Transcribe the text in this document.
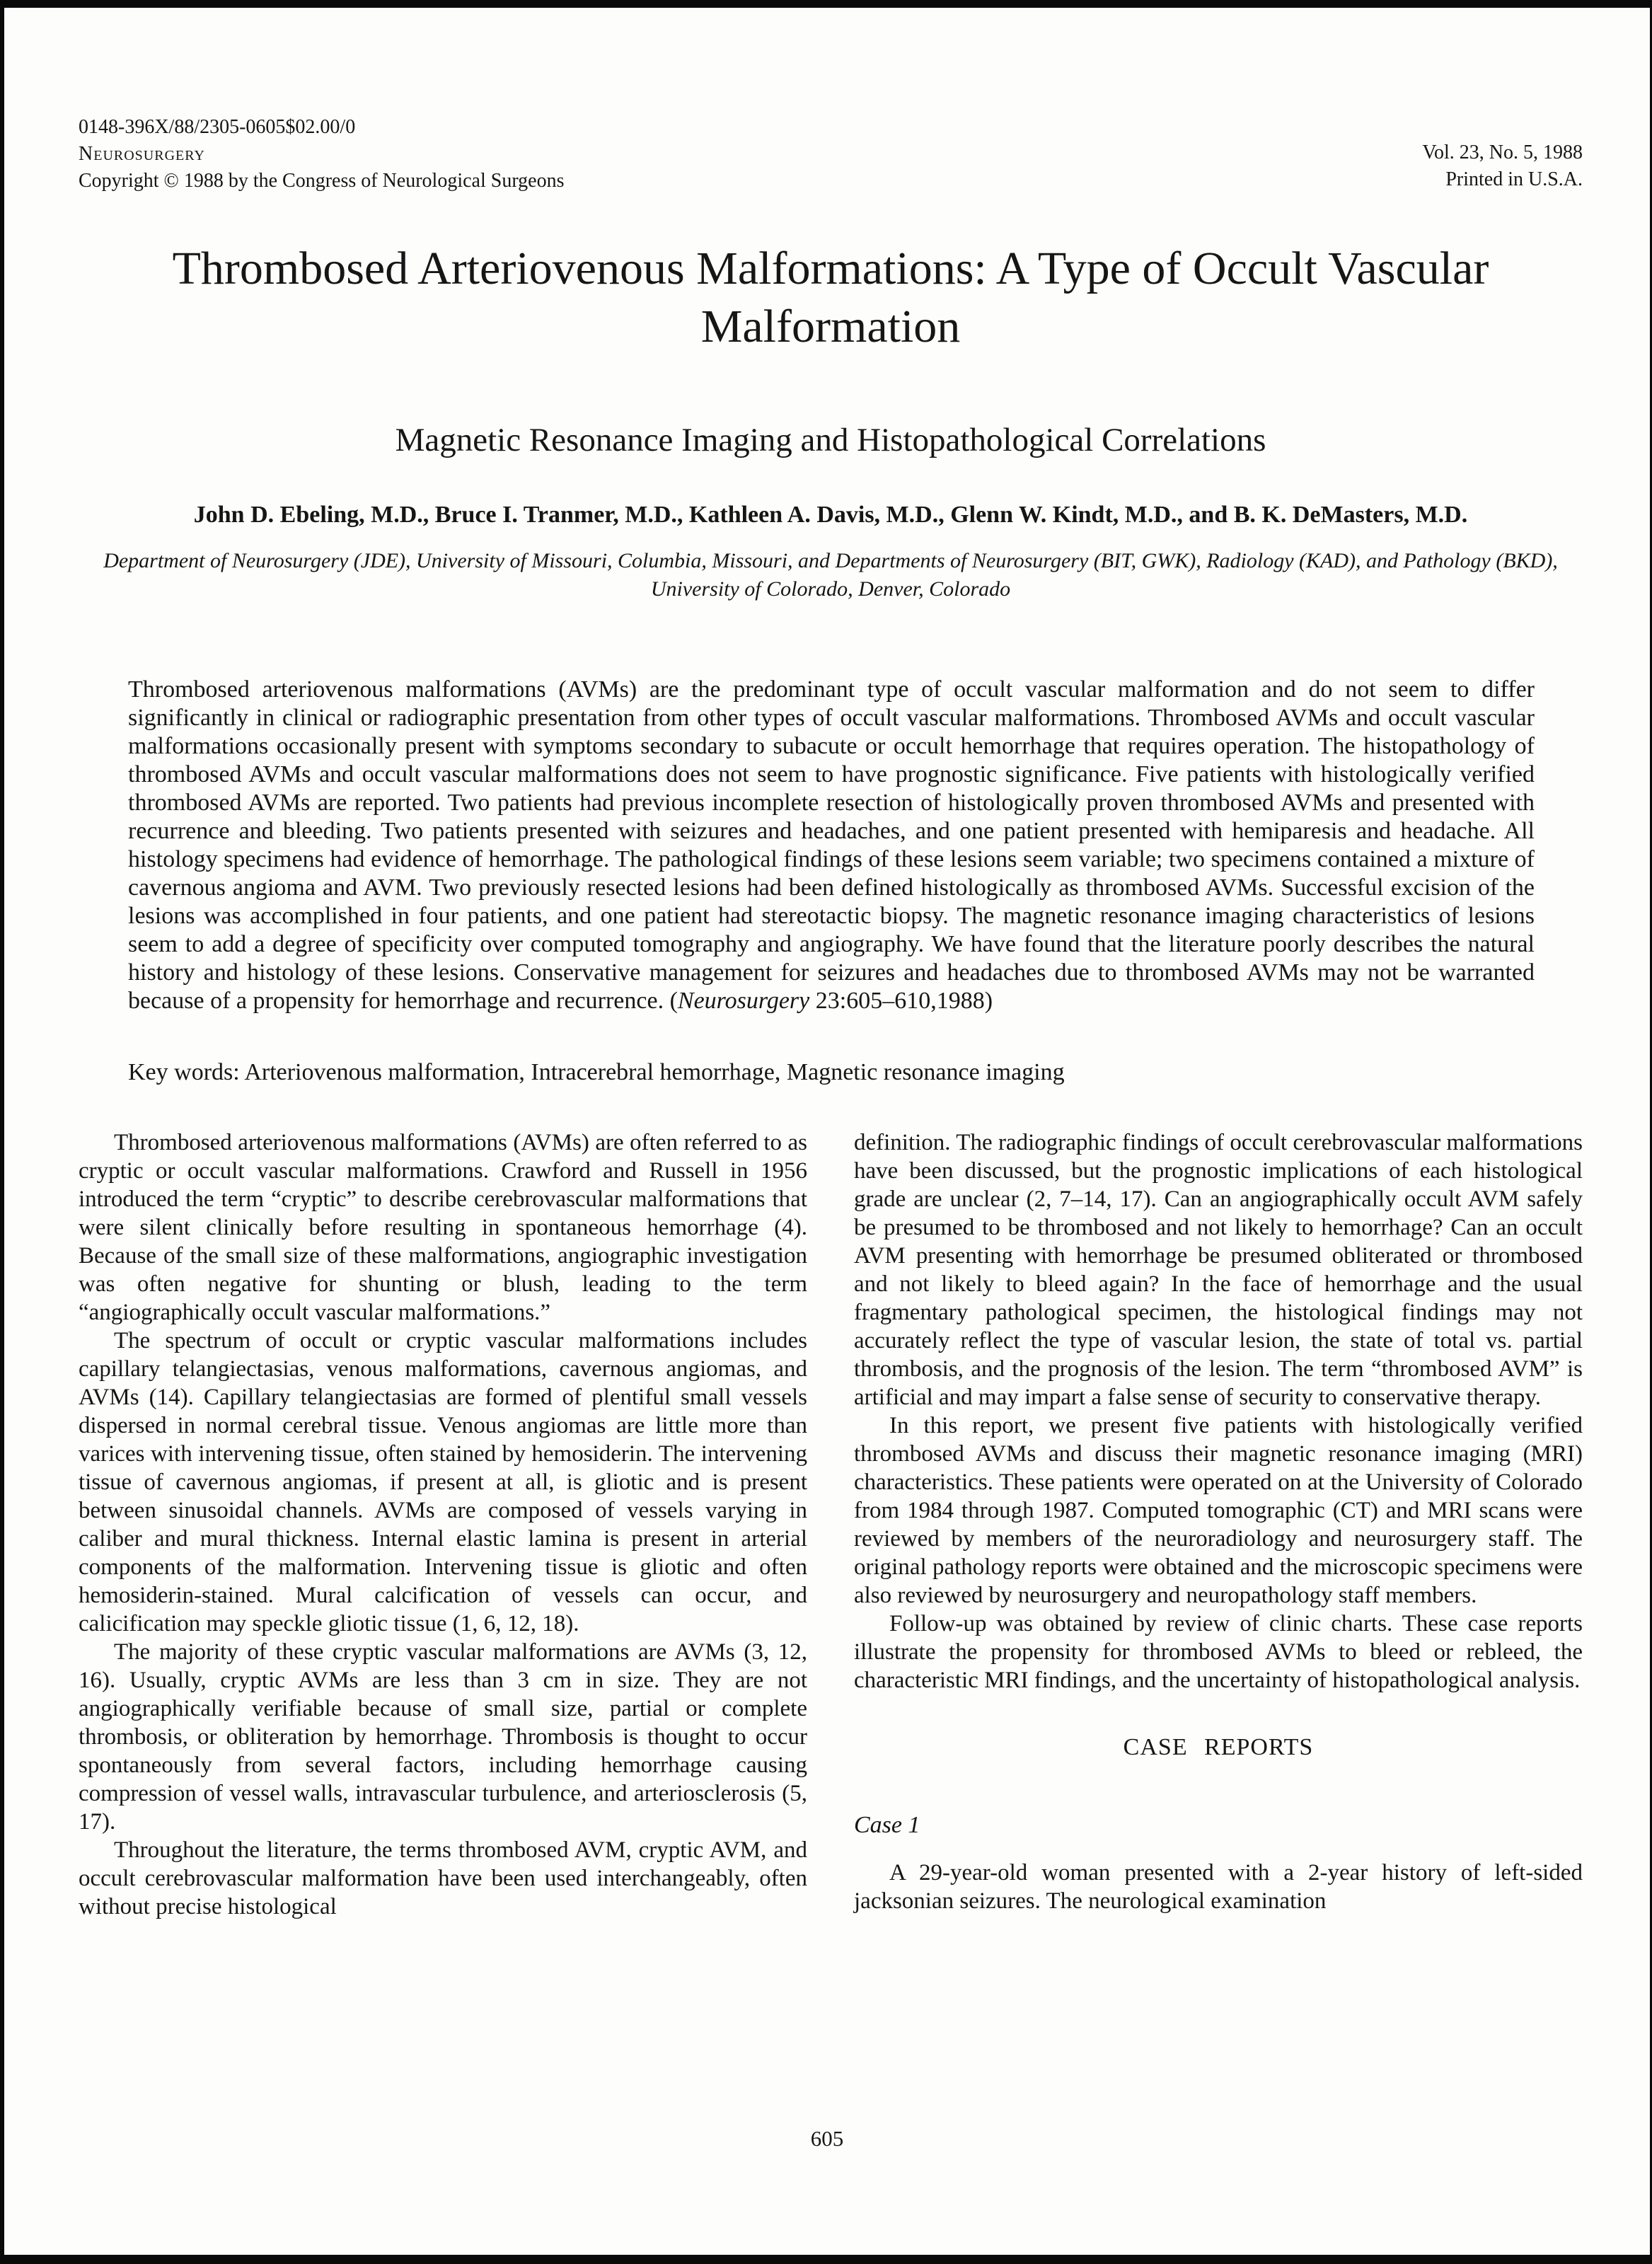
0148-396X/88/2305-0605$02.00/0
Neurosurgery
Copyright © 1988 by the Congress of Neurological Surgeons
Vol. 23, No. 5, 1988
Printed in U.S.A.
Thrombosed Arteriovenous Malformations: A Type of Occult Vascular Malformation
Magnetic Resonance Imaging and Histopathological Correlations
John D. Ebeling, M.D., Bruce I. Tranmer, M.D., Kathleen A. Davis, M.D., Glenn W. Kindt, M.D., and B. K. DeMasters, M.D.
Department of Neurosurgery (JDE), University of Missouri, Columbia, Missouri, and Departments of Neurosurgery (BIT, GWK), Radiology (KAD), and Pathology (BKD), University of Colorado, Denver, Colorado

Thrombosed arteriovenous malformations (AVMs) are the predominant type of occult vascular malformation and do not seem to differ significantly in clinical or radiographic presentation from other types of occult vascular malformations. Thrombosed AVMs and occult vascular malformations occasionally present with symptoms secondary to subacute or occult hemorrhage that requires operation. The histopathology of thrombosed AVMs and occult vascular malformations does not seem to have prognostic significance. Five patients with histologically verified thrombosed AVMs are reported. Two patients had previous incomplete resection of histologically proven thrombosed AVMs and presented with recurrence and bleeding. Two patients presented with seizures and headaches, and one patient presented with hemiparesis and headache. All histology specimens had evidence of hemorrhage. The pathological findings of these lesions seem variable; two specimens contained a mixture of cavernous angioma and AVM. Two previously resected lesions had been defined histologically as thrombosed AVMs. Successful excision of the lesions was accomplished in four patients, and one patient had stereotactic biopsy. The magnetic resonance imaging characteristics of lesions seem to add a degree of specificity over computed tomography and angiography. We have found that the literature poorly describes the natural history and histology of these lesions. Conservative management for seizures and headaches due to thrombosed AVMs may not be warranted because of a propensity for hemorrhage and recurrence. (Neurosurgery 23:605–610,1988)

Key words: Arteriovenous malformation, Intracerebral hemorrhage, Magnetic resonance imaging

Thrombosed arteriovenous malformations (AVMs) are often referred to as cryptic or occult vascular malformations. Crawford and Russell in 1956 introduced the term “cryptic” to describe cerebrovascular malformations that were silent clinically before resulting in spontaneous hemorrhage (4). Because of the small size of these malformations, angiographic investigation was often negative for shunting or blush, leading to the term “angiographically occult vascular malformations.”

The spectrum of occult or cryptic vascular malformations includes capillary telangiectasias, venous malformations, cavernous angiomas, and AVMs (14). Capillary telangiectasias are formed of plentiful small vessels dispersed in normal cerebral tissue. Venous angiomas are little more than varices with intervening tissue, often stained by hemosiderin. The intervening tissue of cavernous angiomas, if present at all, is gliotic and is present between sinusoidal channels. AVMs are composed of vessels varying in caliber and mural thickness. Internal elastic lamina is present in arterial components of the malformation. Intervening tissue is gliotic and often hemosiderin-stained. Mural calcification of vessels can occur, and calicification may speckle gliotic tissue (1, 6, 12, 18).

The majority of these cryptic vascular malformations are AVMs (3, 12, 16). Usually, cryptic AVMs are less than 3 cm in size. They are not angiographically verifiable because of small size, partial or complete thrombosis, or obliteration by hemorrhage. Thrombosis is thought to occur spontaneously from several factors, including hemorrhage causing compression of vessel walls, intravascular turbulence, and arteriosclerosis (5, 17).

Throughout the literature, the terms thrombosed AVM, cryptic AVM, and occult cerebrovascular malformation have been used interchangeably, often without precise histological

definition. The radiographic findings of occult cerebrovascular malformations have been discussed, but the prognostic implications of each histological grade are unclear (2, 7–14, 17). Can an angiographically occult AVM safely be presumed to be thrombosed and not likely to hemorrhage? Can an occult AVM presenting with hemorrhage be presumed obliterated or thrombosed and not likely to bleed again? In the face of hemorrhage and the usual fragmentary pathological specimen, the histological findings may not accurately reflect the type of vascular lesion, the state of total vs. partial thrombosis, and the prognosis of the lesion. The term “thrombosed AVM” is artificial and may impart a false sense of security to conservative therapy.

In this report, we present five patients with histologically verified thrombosed AVMs and discuss their magnetic resonance imaging (MRI) characteristics. These patients were operated on at the University of Colorado from 1984 through 1987. Computed tomographic (CT) and MRI scans were reviewed by members of the neuroradiology and neurosurgery staff. The original pathology reports were obtained and the microscopic specimens were also reviewed by neurosurgery and neuropathology staff members.

Follow-up was obtained by review of clinic charts. These case reports illustrate the propensity for thrombosed AVMs to bleed or rebleed, the characteristic MRI findings, and the uncertainty of histopathological analysis.

CASE REPORTS
Case 1

A 29-year-old woman presented with a 2-year history of left-sided jacksonian seizures. The neurological examination

605
